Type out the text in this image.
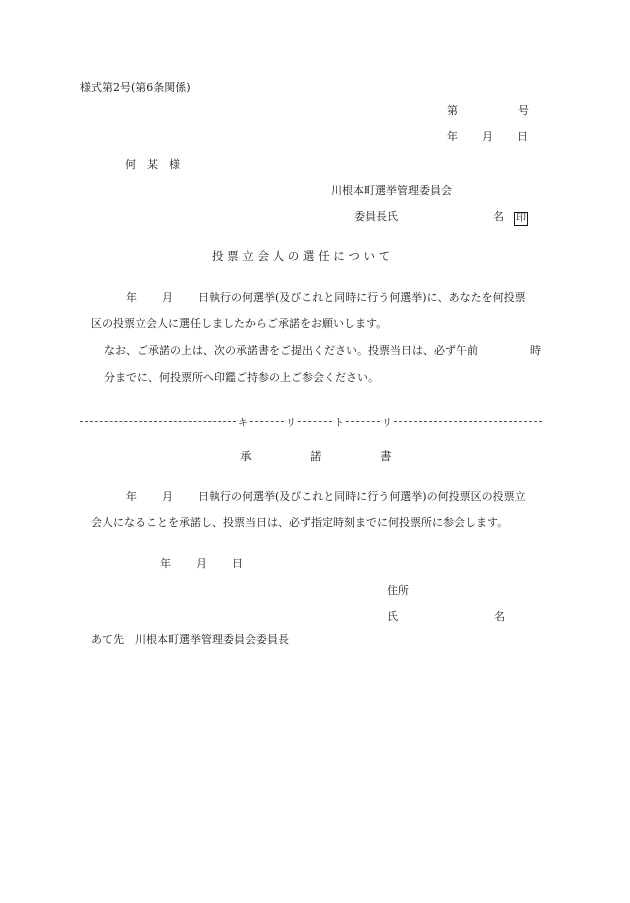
様式第2号(第6条関係)
第	号
年 月 日
何　某　様
川根本町選挙管理委員会
委員長氏	名 印
投 票 立 会 人 の 選 任 に つ い て
年 月 日執行の何選挙(及びこれと同時に行う何選挙)に、あなたを何投票
区の投票立会人に選任しましたからご承諾をお願いします。
なお、ご承諾の上は、次の承諾書をご提出ください。投票当日は、必ず午前	時
分までに、何投票所へ印鑑ご持参の上ご参会ください。
キ	リ	ト	リ
承	諾	書
年 月 日執行の何選挙(及びこれと同時に行う何選挙)の何投票区の投票立
会人になることを承諾し、投票当日は、必ず指定時刻までに何投票所に参会します。
年 月 日
住所
氏	名
あて先　川根本町選挙管理委員会委員長
